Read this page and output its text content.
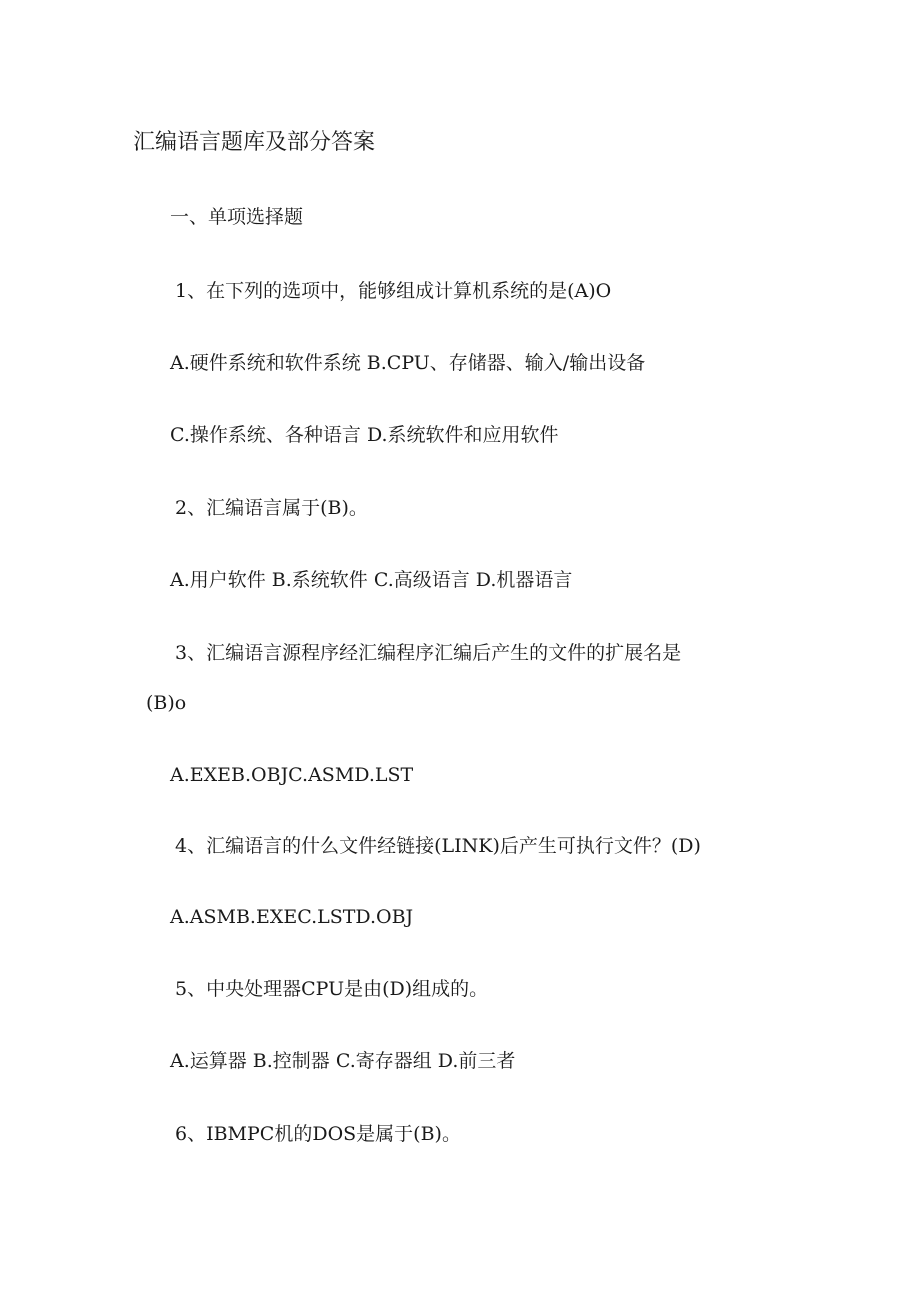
汇编语言题库及部分答案
一、单项选择题
1、在下列的选项中，能够组成计算机系统的是(A)O
A.硬件系统和软件系统 B.CPU、存储器、输入/输出设备
C.操作系统、各种语言 D.系统软件和应用软件
2、汇编语言属于(B)。
A.用户软件 B.系统软件 C.高级语言 D.机器语言
3、汇编语言源程序经汇编程序汇编后产生的文件的扩展名是
(B)o
A.EXEB.OBJC.ASMD.LST
4、汇编语言的什么文件经链接(LINK)后产生可执行文件？(D)
A.ASMB.EXEC.LSTD.OBJ
5、中央处理器CPU是由(D)组成的。
A.运算器 B.控制器 C.寄存器组 D.前三者
6、IBMPC机的DOS是属于(B)。
